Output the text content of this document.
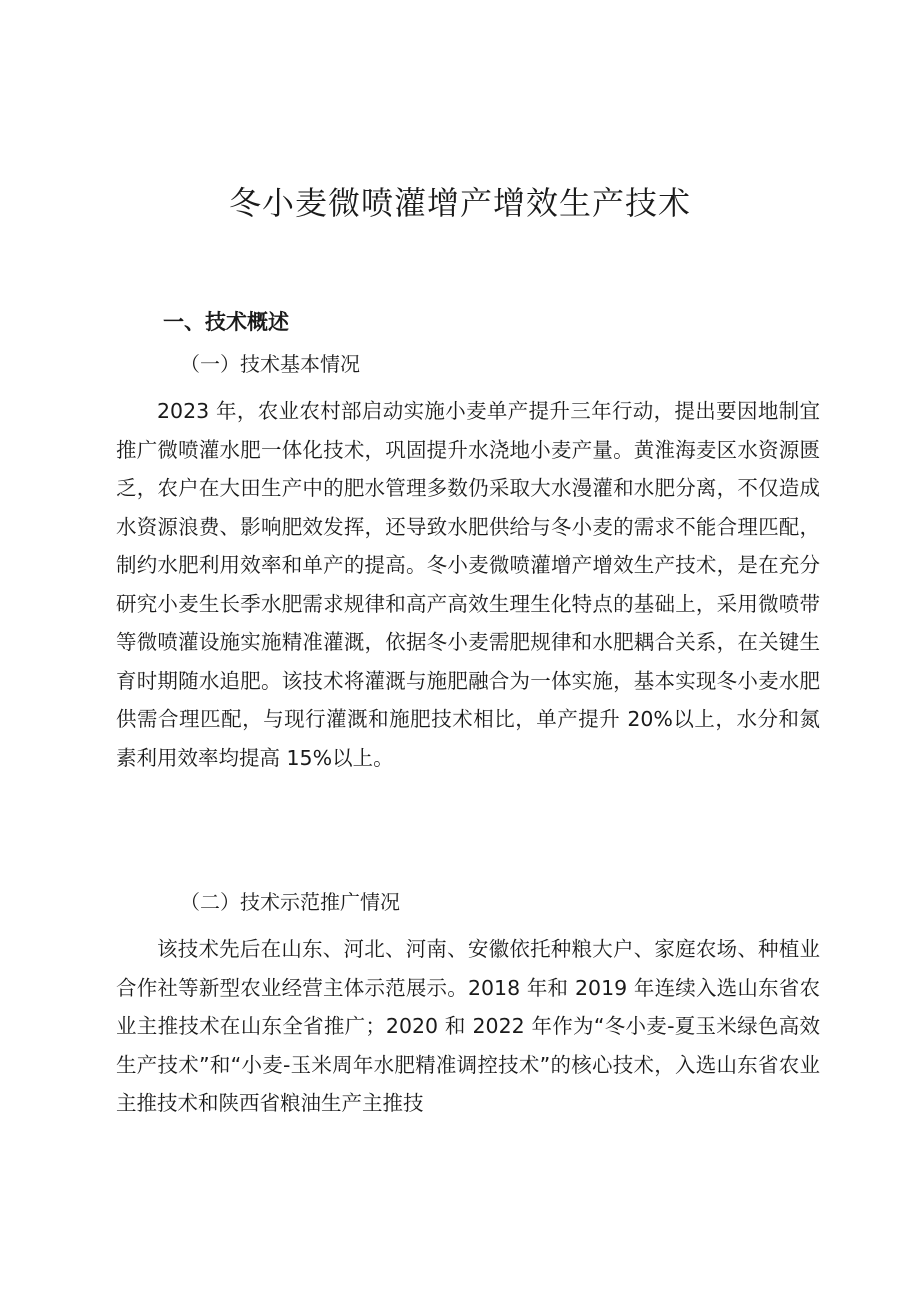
冬小麦微喷灌增产增效生产技术
一、技术概述
（一）技术基本情况

2023 年，农业农村部启动实施小麦单产提升三年行动，提出要因地制宜推广微喷灌水肥一体化技术，巩固提升水浇地小麦产量。黄淮海麦区水资源匮乏，农户在大田生产中的肥水管理多数仍采取大水漫灌和水肥分离，不仅造成水资源浪费、影响肥效发挥，还导致水肥供给与冬小麦的需求不能合理匹配，制约水肥利用效率和单产的提高。冬小麦微喷灌增产增效生产技术，是在充分研究小麦生长季水肥需求规律和高产高效生理生化特点的基础上，采用微喷带等微喷灌设施实施精准灌溉，依据冬小麦需肥规律和水肥耦合关系，在关键生育时期随水追肥。该技术将灌溉与施肥融合为一体实施，基本实现冬小麦水肥供需合理匹配，与现行灌溉和施肥技术相比，单产提升 20%以上，水分和氮素利用效率均提高 15%以上。

（二）技术示范推广情况

该技术先后在山东、河北、河南、安徽依托种粮大户、家庭农场、种植业合作社等新型农业经营主体示范展示。2018 年和 2019 年连续入选山东省农业主推技术在山东全省推广；2020 和 2022 年作为“冬小麦-夏玉米绿色高效生产技术”和“小麦-玉米周年水肥精准调控技术”的核心技术，入选山东省农业主推技术和陕西省粮油生产主推技
